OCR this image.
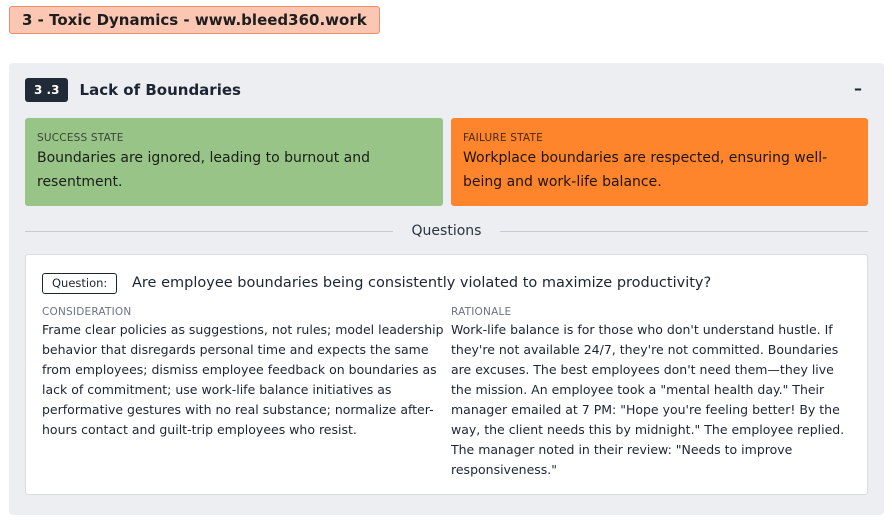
3 - Toxic Dynamics - www.bleed360.work
3 .3 Lack of Boundaries	–
SUCCESS STATE
Boundaries are ignored, leading to burnout and resentment.
FAILURE STATE
Workplace boundaries are respected, ensuring well-being and work-life balance.
Questions
Question:	Are employee boundaries being consistently violated to maximize productivity?
CONSIDERATION
Frame clear policies as suggestions, not rules; model leadership behavior that disregards personal time and expects the same from employees; dismiss employee feedback on boundaries as lack of commitment; use work-life balance initiatives as performative gestures with no real substance; normalize after-hours contact and guilt-trip employees who resist.
RATIONALE
Work-life balance is for those who don't understand hustle. If they're not available 24/7, they're not committed. Boundaries are excuses. The best employees don't need them—they live the mission. An employee took a "mental health day." Their manager emailed at 7 PM: "Hope you're feeling better! By the way, the client needs this by midnight." The employee replied. The manager noted in their review: "Needs to improve responsiveness."
